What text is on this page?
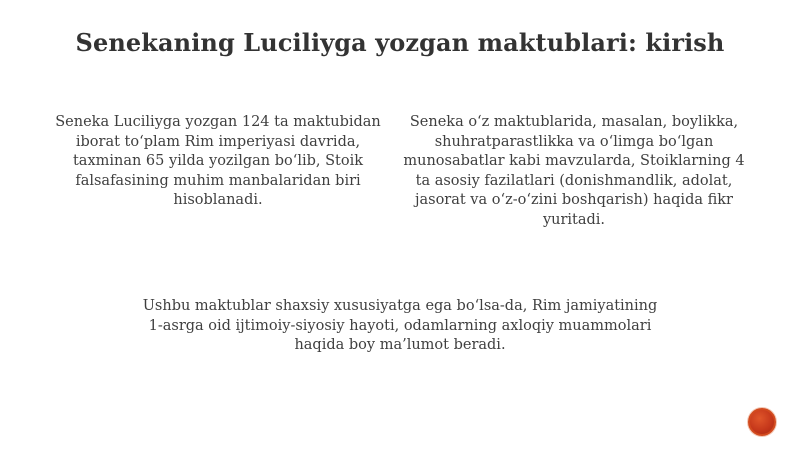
Senekaning Luciliyga yozgan maktublari: kirish
Seneka Luciliyga yozgan 124 ta maktubidan iborat to‘plam Rim imperiyasi davrida, taxminan 65 yilda yozilgan bo‘lib, Stoik falsafasining muhim manbalaridan biri hisoblanadi.
Seneka o‘z maktublarida, masalan, boylikka, shuhratparastlikka va o‘limga bo‘lgan munosabatlar kabi mavzularda, Stoiklarning 4 ta asosiy fazilatlari (donishmandlik, adolat, jasorat va o‘z-o‘zini boshqarish) haqida fikr yuritadi.
Ushbu maktublar shaxsiy xususiyatga ega bo‘lsa-da, Rim jamiyatining 1-asrga oid ijtimoiy-siyosiy hayoti, odamlarning axloqiy muammolari haqida boy ma’lumot beradi.
